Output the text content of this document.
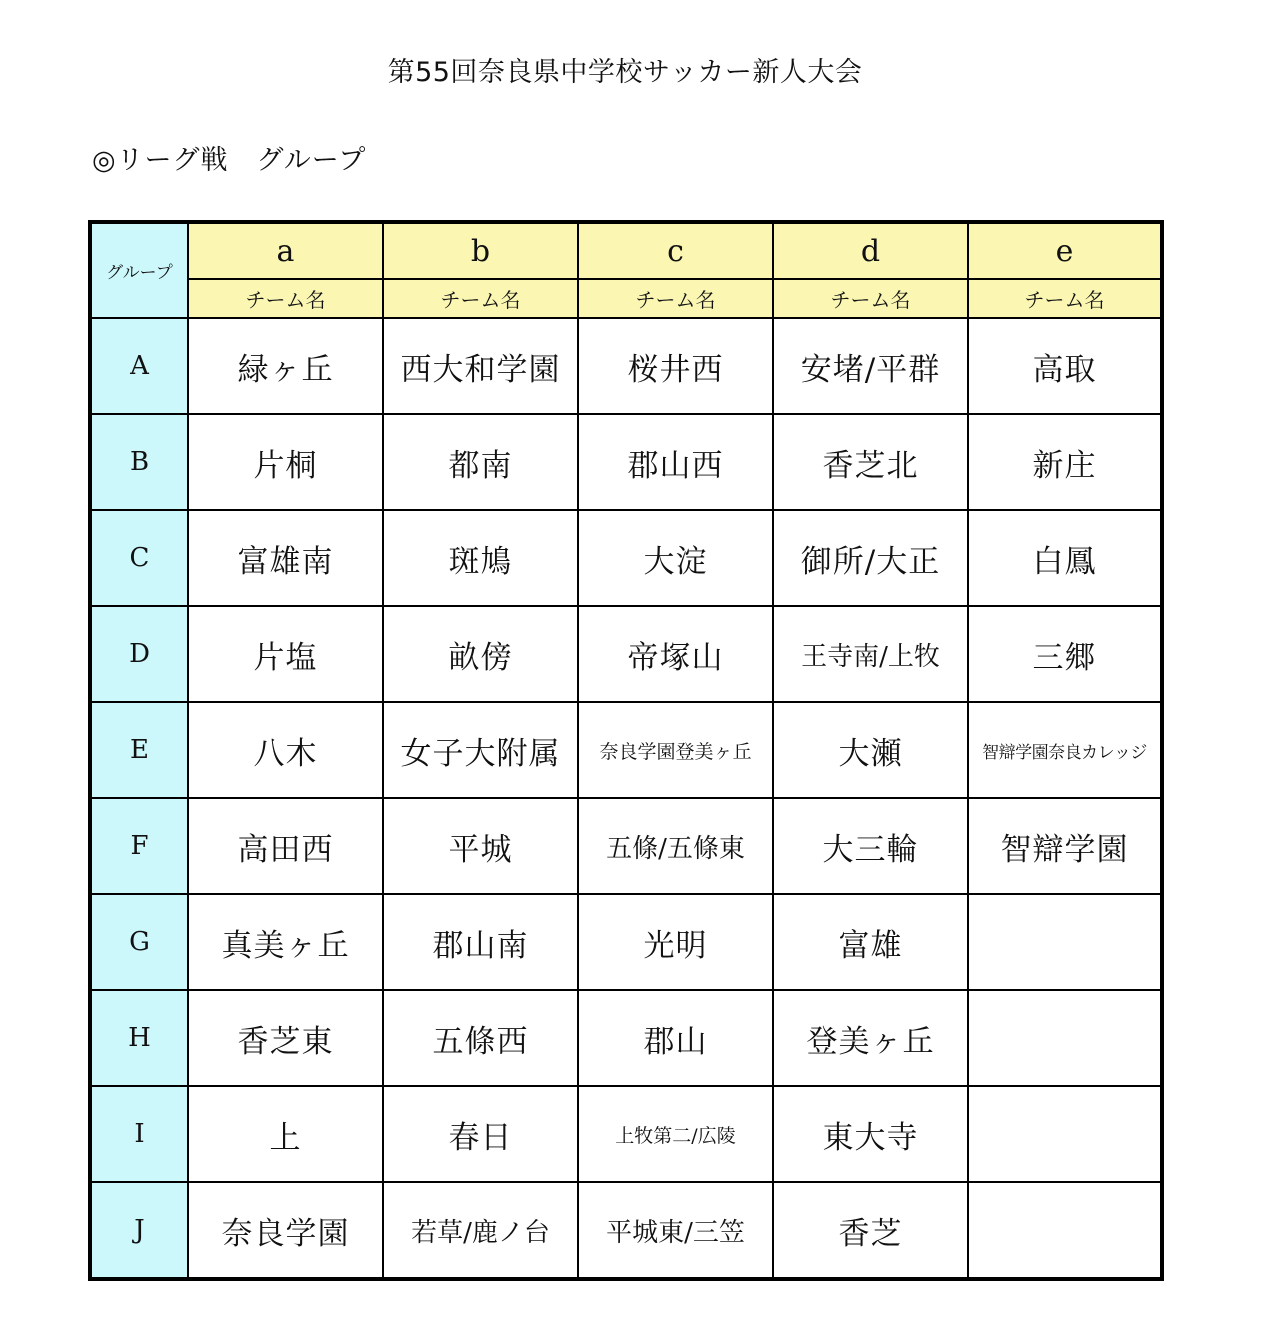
第55回奈良県中学校サッカー新人大会
◎リーグ戦　グループ
グループ	a	b	c	d	e
	チーム名	チーム名	チーム名	チーム名	チーム名
A	緑ヶ丘	西大和学園	桜井西	安堵/平群	高取
B	片桐	都南	郡山西	香芝北	新庄
C	富雄南	斑鳩	大淀	御所/大正	白鳳
D	片塩	畝傍	帝塚山	王寺南/上牧	三郷
E	八木	女子大附属	奈良学園登美ヶ丘	大瀬	智辯学園奈良カレッジ
F	高田西	平城	五條/五條東	大三輪	智辯学園
G	真美ヶ丘	郡山南	光明	富雄	
H	香芝東	五條西	郡山	登美ヶ丘	
I	上	春日	上牧第二/広陵	東大寺	
J	奈良学園	若草/鹿ノ台	平城東/三笠	香芝	
